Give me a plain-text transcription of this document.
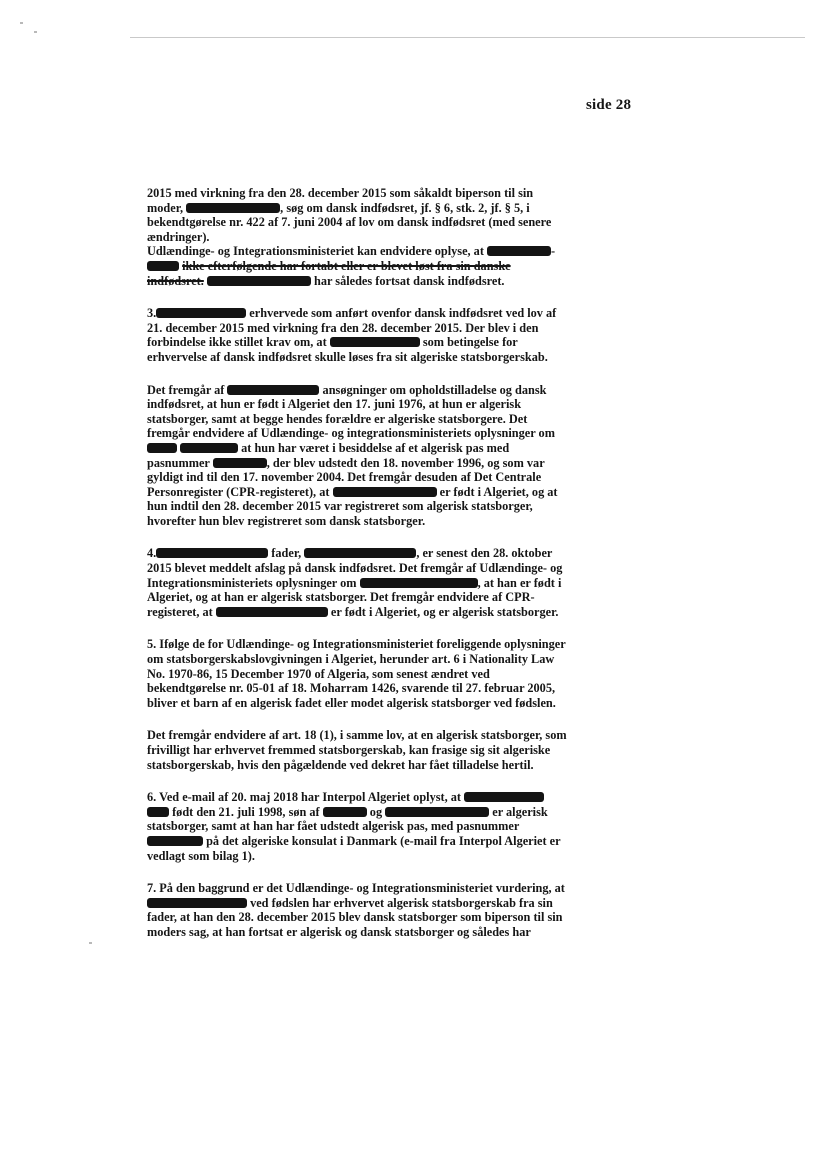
side 28

2015 med virkning fra den 28. december 2015 som såkaldt biperson til sin moder,	, søg om dansk indfødsret, jf. § 6, stk. 2, jf. § 5, i bekendtgørelse nr. 422 af 7. juni 2004 af lov om dansk indfødsret (med senere ændringer).

Udlændinge- og Integrationsministeriet kan endvidere oplyse, at	-  ikke efterfølgende har fortabt eller er blevet løst fra sin danske indfødsret.	har således fortsat dansk indfødsret.

3.	erhvervede som anført ovenfor dansk indfødsret ved lov af 21. december 2015 med virkning fra den 28. december 2015. Der blev i den forbindelse ikke stillet krav om, at	som betingelse for erhvervelse af dansk indfødsret skulle løses fra sit algeriske statsborgerskab.

Det fremgår af	ansøgninger om opholdstilladelse og dansk indfødsret, at hun er født i Algeriet den 17. juni 1976, at hun er algerisk statsborger, samt at begge hendes forældre er algeriske statsborgere. Det fremgår endvidere af Udlændinge- og integrationsministeriets oplysninger om   at hun har været i besiddelse af et algerisk pas med pasnummer	, der blev udstedt den 18. november 1996, og som var gyldigt ind til den 17. november 2004. Det fremgår desuden af Det Centrale Personregister (CPR-registeret), at	er født i Algeriet, og at hun indtil den 28. december 2015 var registreret som algerisk statsborger, hvorefter hun blev registreret som dansk statsborger.

4.	fader,	, er senest den 28. oktober 2015 blevet meddelt afslag på dansk indfødsret. Det fremgår af Udlændinge- og Integrationsministeriets oplysninger om	, at han er født i Algeriet, og at han er algerisk statsborger. Det fremgår endvidere af CPR-registeret, at	er født i Algeriet, og er algerisk statsborger.

5. Ifølge de for Udlændinge- og Integrationsministeriet foreliggende oplysninger om statsborgerskabslovgivningen i Algeriet, herunder art. 6 i Nationality Law No. 1970-86, 15 December 1970 of Algeria, som senest ændret ved bekendtgørelse nr. 05-01 af 18. Moharram 1426, svarende til 27. februar 2005, bliver et barn af en algerisk fadet eller modet algerisk statsborger ved fødslen.

Det fremgår endvidere af art. 18 (1), i samme lov, at en algerisk statsborger, som frivilligt har erhvervet fremmed statsborgerskab, kan frasige sig sit algeriske statsborgerskab, hvis den pågældende ved dekret har fået tilladelse hertil.

6. Ved e-mail af 20. maj 2018 har Interpol Algeriet oplyst, at   født den 21. juli 1998, søn af	og	er algerisk statsborger, samt at han har fået udstedt algerisk pas, med pasnummer  på det algeriske konsulat i Danmark (e-mail fra Interpol Algeriet er vedlagt som bilag 1).

7. På den baggrund er det Udlændinge- og Integrationsministeriet vurdering, at  ved fødslen har erhvervet algerisk statsborgerskab fra sin fader, at han den 28. december 2015 blev dansk statsborger som biperson til sin moders sag, at han fortsat er algerisk og dansk statsborger og således har
